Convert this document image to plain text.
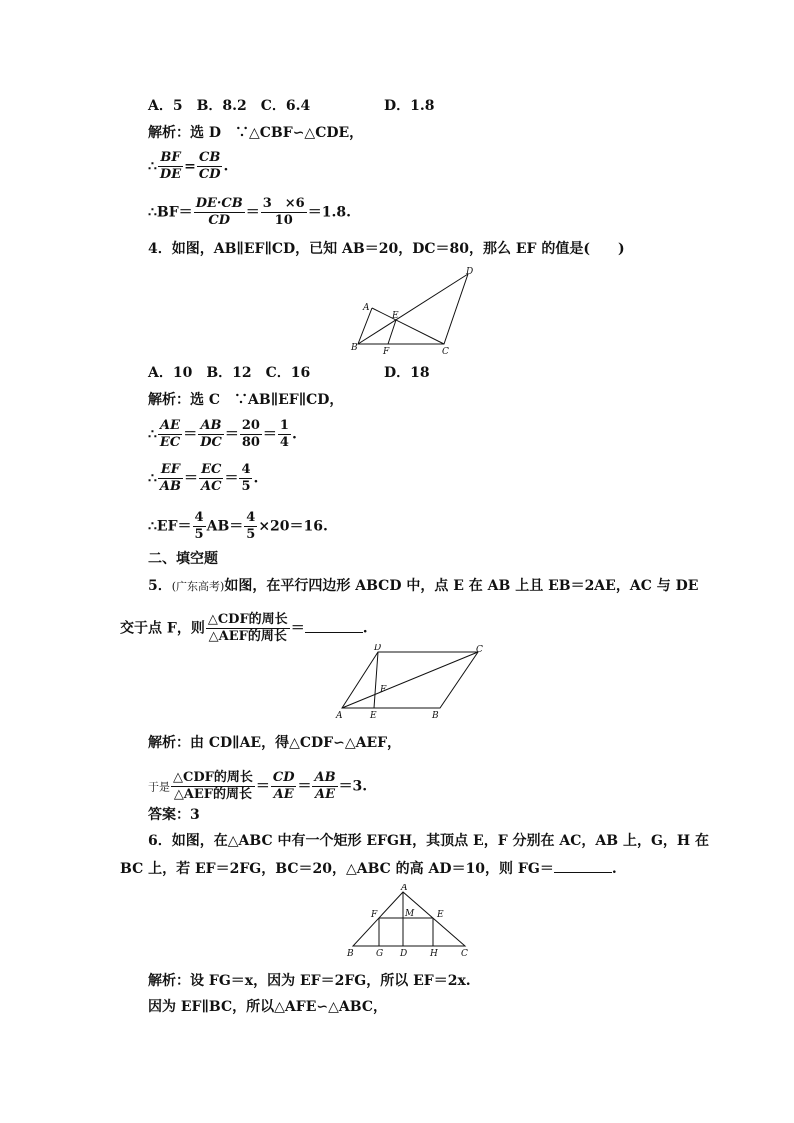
A．5　B．8.2　C．6.4	D．1.8
解析：选 D　∵△CBF∽△CDE，
∴ $\frac{BF}{DE} = \frac{CB}{CD}$ .
∴BF＝ $\frac{DE\cdot CB}{CD} = \frac{3 \times 6}{10} =1.8$.
4．如图，AB∥EF∥CD，已知 AB＝20，DC＝80，那么 EF 的值是(　　)
A
B	C
D
E
F
A．10　B．12　C．16	D．18
解析：选 C　∵AB∥EF∥CD，
∴ $\frac{AE}{EC} = \frac{AB}{DC} = \frac{20}{80} = \frac{1}{4}$ .
∴ $\frac{EF}{AB} = \frac{EC}{AC} = \frac{4}{5}$ .
∴EF＝ $\frac{4}{5} AB= \frac{4}{5} \times 20=16$.
二、填空题
5．(广东高考)如图，在平行四边形 ABCD 中，点 E 在 AB 上且 EB＝2AE，AC 与 DE
交于点 F，则 $\frac{\text{△CDF的周长}}{\text{△AEF的周长}}$ ＝	.
A	B
C
D
E
F
解析：由 CD∥AE，得△CDF∽△AEF，
于是 $\frac{\text{△CDF的周长}}{\text{△AEF的周长}} = \frac{CD}{AE} = \frac{AB}{AE} =3$.
答案：3
6．如图，在△ABC 中有一个矩形 EFGH，其顶点 E，F 分别在 AC，AB 上，G，H 在
BC 上，若 EF＝2FG，BC＝20，△ABC 的高 AD＝10，则 FG＝	.
A
B	C
D
E
F
G	H
M
解析：设 FG＝x，因为 EF＝2FG，所以 EF＝2x.
因为 EF∥BC，所以△AFE∽△ABC，
